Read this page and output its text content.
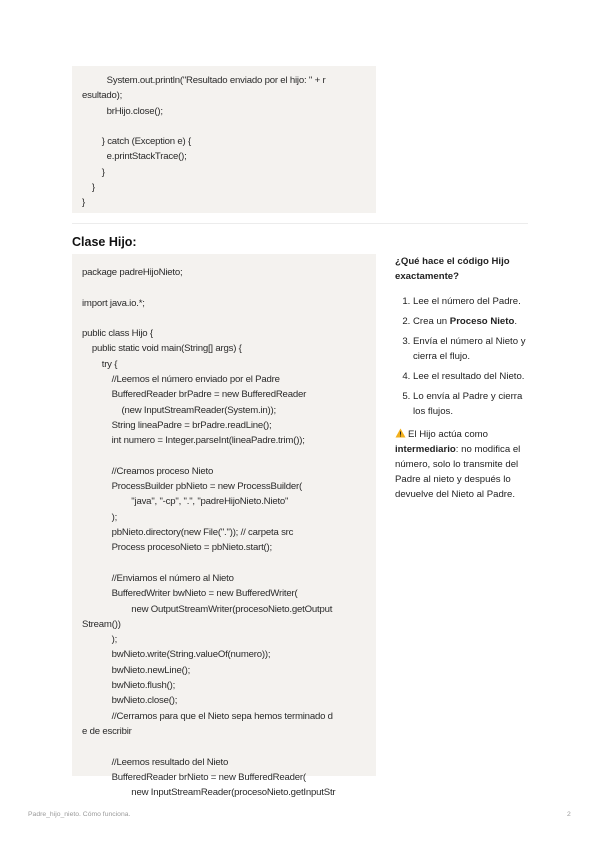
System.out.println("Resultado enviado por el hijo: " + r
esultado);
brHijo.close();
} catch (Exception e) {
e.printStackTrace();
}
}
}
Clase Hijo:
package padreHijoNieto;
import java.io.*;
public class Hijo {
public static void main(String[] args) {
try {
//Leemos el número enviado por el Padre
BufferedReader brPadre = new BufferedReader
(new InputStreamReader(System.in));
String lineaPadre = brPadre.readLine();
int numero = Integer.parseInt(lineaPadre.trim());
//Creamos proceso Nieto
ProcessBuilder pbNieto = new ProcessBuilder(
"java", "-cp", ".", "padreHijoNieto.Nieto"
);
pbNieto.directory(new File(".")); // carpeta src
Process procesoNieto = pbNieto.start();
//Enviamos el número al Nieto
BufferedWriter bwNieto = new BufferedWriter(
new OutputStreamWriter(procesoNieto.getOutput
Stream())
);
bwNieto.write(String.valueOf(numero));
bwNieto.newLine();
bwNieto.flush();
bwNieto.close();
//Cerramos para que el Nieto sepa hemos terminado d
e de escribir
//Leemos resultado del Nieto
BufferedReader brNieto = new BufferedReader(
new InputStreamReader(procesoNieto.getInputStr

¿Qué hace el código Hijo exactamente?

1. Lee el número del Padre.
2. Crea un Proceso Nieto.
3. Envía el número al Nieto y cierra el flujo.
4. Lee el resultado del Nieto.
5. Lo envía al Padre y cierra los flujos.
El Hijo actúa como intermediario: no modifica el número, solo lo transmite del Padre al nieto y después lo devuelve del Nieto al Padre.
Padre_hijo_nieto. Cómo funciona.	2
